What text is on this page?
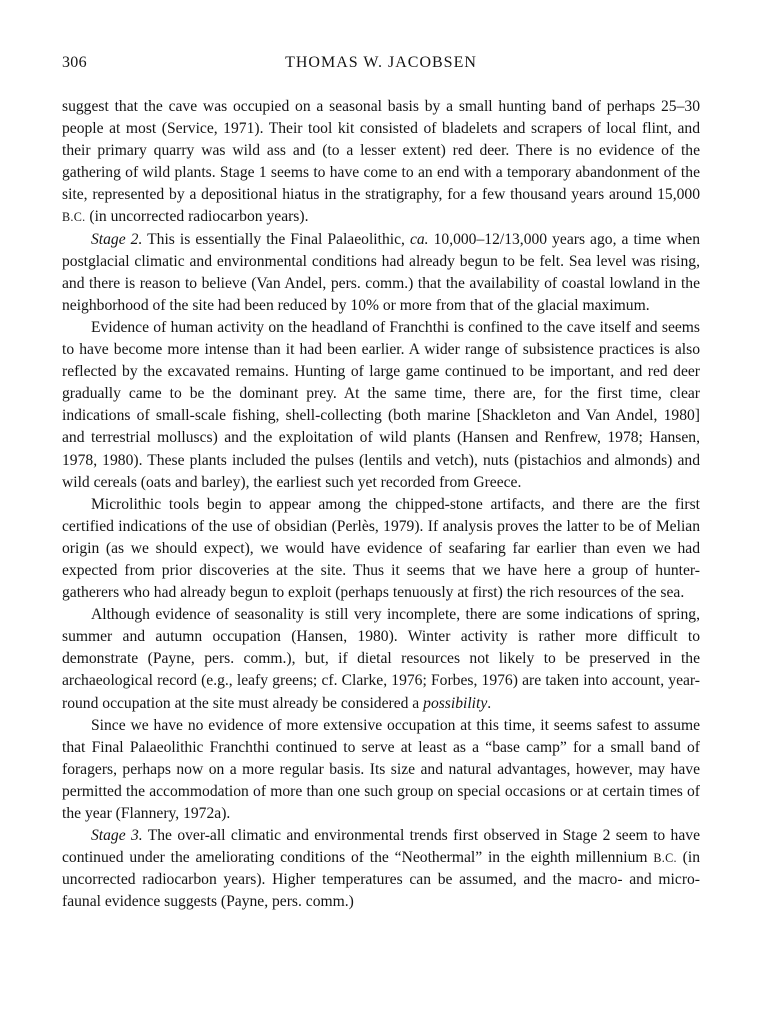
306	THOMAS W. JACOBSEN

suggest that the cave was occupied on a seasonal basis by a small hunting band of perhaps 25–30 people at most (Service, 1971). Their tool kit consisted of bladelets and scrapers of local flint, and their primary quarry was wild ass and (to a lesser extent) red deer. There is no evidence of the gathering of wild plants. Stage 1 seems to have come to an end with a temporary abandonment of the site, represented by a depositional hiatus in the stratigraphy, for a few thousand years around 15,000 B.C. (in uncorrected radiocarbon years).

Stage 2. This is essentially the Final Palaeolithic, ca. 10,000–12/13,000 years ago, a time when postglacial climatic and environmental conditions had already begun to be felt. Sea level was rising, and there is reason to believe (Van Andel, pers. comm.) that the availability of coastal lowland in the neighborhood of the site had been reduced by 10% or more from that of the glacial maximum.

Evidence of human activity on the headland of Franchthi is confined to the cave itself and seems to have become more intense than it had been earlier. A wider range of subsistence practices is also reflected by the excavated remains. Hunting of large game continued to be important, and red deer gradually came to be the dominant prey. At the same time, there are, for the first time, clear indications of small-scale fishing, shell-collecting (both marine [Shackleton and Van Andel, 1980] and terrestrial molluscs) and the exploitation of wild plants (Hansen and Renfrew, 1978; Hansen, 1978, 1980). These plants included the pulses (lentils and vetch), nuts (pistachios and almonds) and wild cereals (oats and barley), the earliest such yet recorded from Greece.

Microlithic tools begin to appear among the chipped-stone artifacts, and there are the first certified indications of the use of obsidian (Perlès, 1979). If analysis proves the latter to be of Melian origin (as we should expect), we would have evidence of seafaring far earlier than even we had expected from prior discoveries at the site. Thus it seems that we have here a group of hunter-gatherers who had already begun to exploit (perhaps tenuously at first) the rich resources of the sea.

Although evidence of seasonality is still very incomplete, there are some indications of spring, summer and autumn occupation (Hansen, 1980). Winter activity is rather more difficult to demonstrate (Payne, pers. comm.), but, if dietal resources not likely to be preserved in the archaeological record (e.g., leafy greens; cf. Clarke, 1976; Forbes, 1976) are taken into account, year-round occupation at the site must already be considered a possibility.

Since we have no evidence of more extensive occupation at this time, it seems safest to assume that Final Palaeolithic Franchthi continued to serve at least as a “base camp” for a small band of foragers, perhaps now on a more regular basis. Its size and natural advantages, however, may have permitted the accommodation of more than one such group on special occasions or at certain times of the year (Flannery, 1972a).

Stage 3. The over-all climatic and environmental trends first observed in Stage 2 seem to have continued under the ameliorating conditions of the “Neothermal” in the eighth millennium B.C. (in uncorrected radiocarbon years). Higher temperatures can be assumed, and the macro- and micro-faunal evidence suggests (Payne, pers. comm.)
